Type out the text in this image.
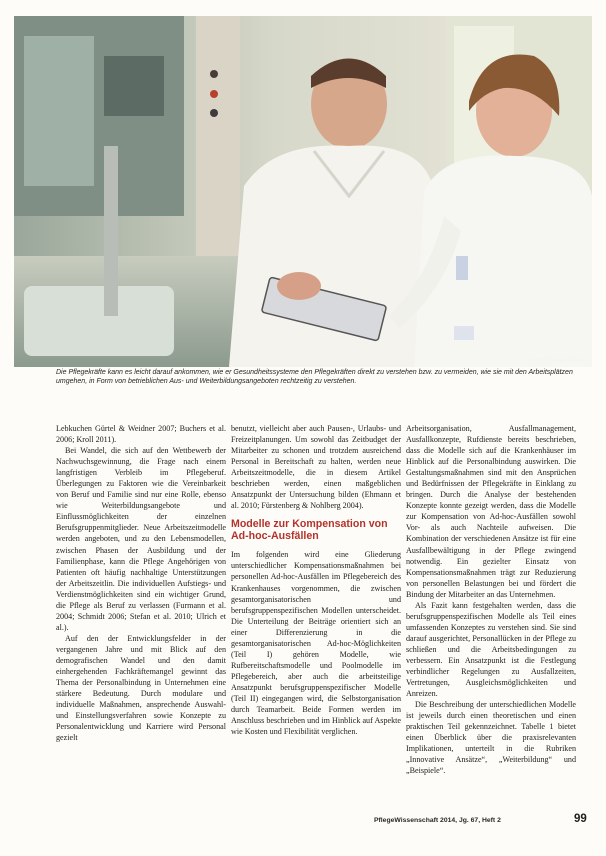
Foto: Werner Krüper
Die Pflegekräfte kann es leicht darauf ankommen, wie er Gesundheitssysteme den Pflegekräften direkt zu verstehen bzw. zu vermeiden, wie sie mit den Arbeitsplätzen umgehen, in Form von betrieblichen Aus- und Weiterbildungsangeboten rechtzeitig zu verstehen.

Lebkuchen Gürtel & Weidner 2007; Buchers et al. 2006; Kroll 2011).

Bei Wandel, die sich auf den Wettbewerb der Nachwuchsgewinnung, die Frage nach einem langfristigen Verbleib im Pflegeberuf. Überlegungen zu Faktoren wie die Vereinbarkeit von Beruf und Familie sind nur eine Rolle, ebenso wie Weiterbildungsangebote und Einflussmöglichkeiten der einzelnen Berufsgruppenmitglieder. Neue Arbeitszeitmodelle werden angeboten, und zu den Lebensmodellen, zwischen Phasen der Ausbildung und der Familienphase, kann die Pflege Angehörigen von Patienten oft häufig nachhaltige Unterstützungen der Arbeitszeitlin. Die individuellen Aufstiegs- und Verdienstmöglichkeiten sind ein wichtiger Grund, die Pflege als Beruf zu verlassen (Furmann et al. 2004; Schmidt 2006; Stefan et al. 2010; Ulrich et al.).

Auf den der Entwicklungsfelder in der vergangenen Jahre und mit Blick auf den demografischen Wandel und den damit einhergehenden Fachkräftemangel gewinnt das Thema der Personalbindung in Unternehmen eine stärkere Bedeutung. Durch modulare und individuelle Maßnahmen, ansprechende Auswahl- und Einstellungsverfahren sowie Konzepte zu Personalentwicklung und Karriere wird Personal gezielt

benutzt, vielleicht aber auch Pausen-, Urlaubs- und Freizeitplanungen. Um sowohl das Zeitbudget der Mitarbeiter zu schonen und trotzdem ausreichend Personal in Bereitschaft zu halten, werden neue Arbeitszeitmodelle, die in diesem Artikel beschrieben werden, einen maßgeblichen Ansatzpunkt der Untersuchung bilden (Ehmann et al. 2010; Fürstenberg & Nohlberg 2004).

Modelle zur Kompensation von Ad-hoc-Ausfällen

Im folgenden wird eine Gliederung unterschiedlicher Kompensationsmaßnahmen bei personellen Ad-hoc-Ausfällen im Pflegebereich des Krankenhauses vorgenommen, die zwischen gesamtorganisatorischen und berufsgruppenspezifischen Modellen unterscheidet. Die Unterteilung der Beiträge orientiert sich an einer Differenzierung in die gesamtorganisatorischen Ad-hoc-Möglichkeiten (Teil I) gehören Modelle, wie Rufbereitschaftsmodelle und Poolmodelle im Pflegebereich, aber auch die arbeitsteilige Ansatzpunkt berufsgruppenspezifischer Modelle (Teil II) eingegangen wird, die Selbstorganisation durch Teamarbeit. Beide Formen werden im Anschluss beschrieben und im Hinblick auf Aspekte wie Kosten und Flexibilität verglichen.

Arbeitsorganisation, Ausfallmanagement, Ausfallkonzepte, Rufdienste bereits beschrieben, dass die Modelle sich auf die Krankenhäuser im Hinblick auf die Personalbindung auswirken. Die Gestaltungsmaßnahmen sind mit den Ansprüchen und Bedürfnissen der Pflegekräfte in Einklang zu bringen. Durch die Analyse der bestehenden Konzepte konnte gezeigt werden, dass die Modelle zur Kompensation von Ad-hoc-Ausfällen sowohl Vor- als auch Nachteile aufweisen. Die Kombination der verschiedenen Ansätze ist für eine Ausfallbewältigung in der Pflege zwingend notwendig. Ein gezielter Einsatz von Kompensationsmaßnahmen trägt zur Reduzierung von personellen Belastungen bei und fördert die Bindung der Mitarbeiter an das Unternehmen.

Als Fazit kann festgehalten werden, dass die berufsgruppenspezifischen Modelle als Teil eines umfassenden Konzeptes zu verstehen sind. Sie sind darauf ausgerichtet, Personallücken in der Pflege zu schließen und die Arbeitsbedingungen zu verbessern. Ein Ansatzpunkt ist die Festlegung verbindlicher Regelungen zu Ausfallzeiten, Vertretungen, Ausgleichsmöglichkeiten und Anreizen.

Die Beschreibung der unterschiedlichen Modelle ist jeweils durch einen theoretischen und einen praktischen Teil gekennzeichnet. Tabelle 1 bietet einen Überblick über die praxisrelevanten Implikationen, unterteilt in die Rubriken „Innovative Ansätze“, „Weiterbildung“ und „Beispiele“.

PflegeWissenschaft 2014, Jg. 67, Heft 2	99
